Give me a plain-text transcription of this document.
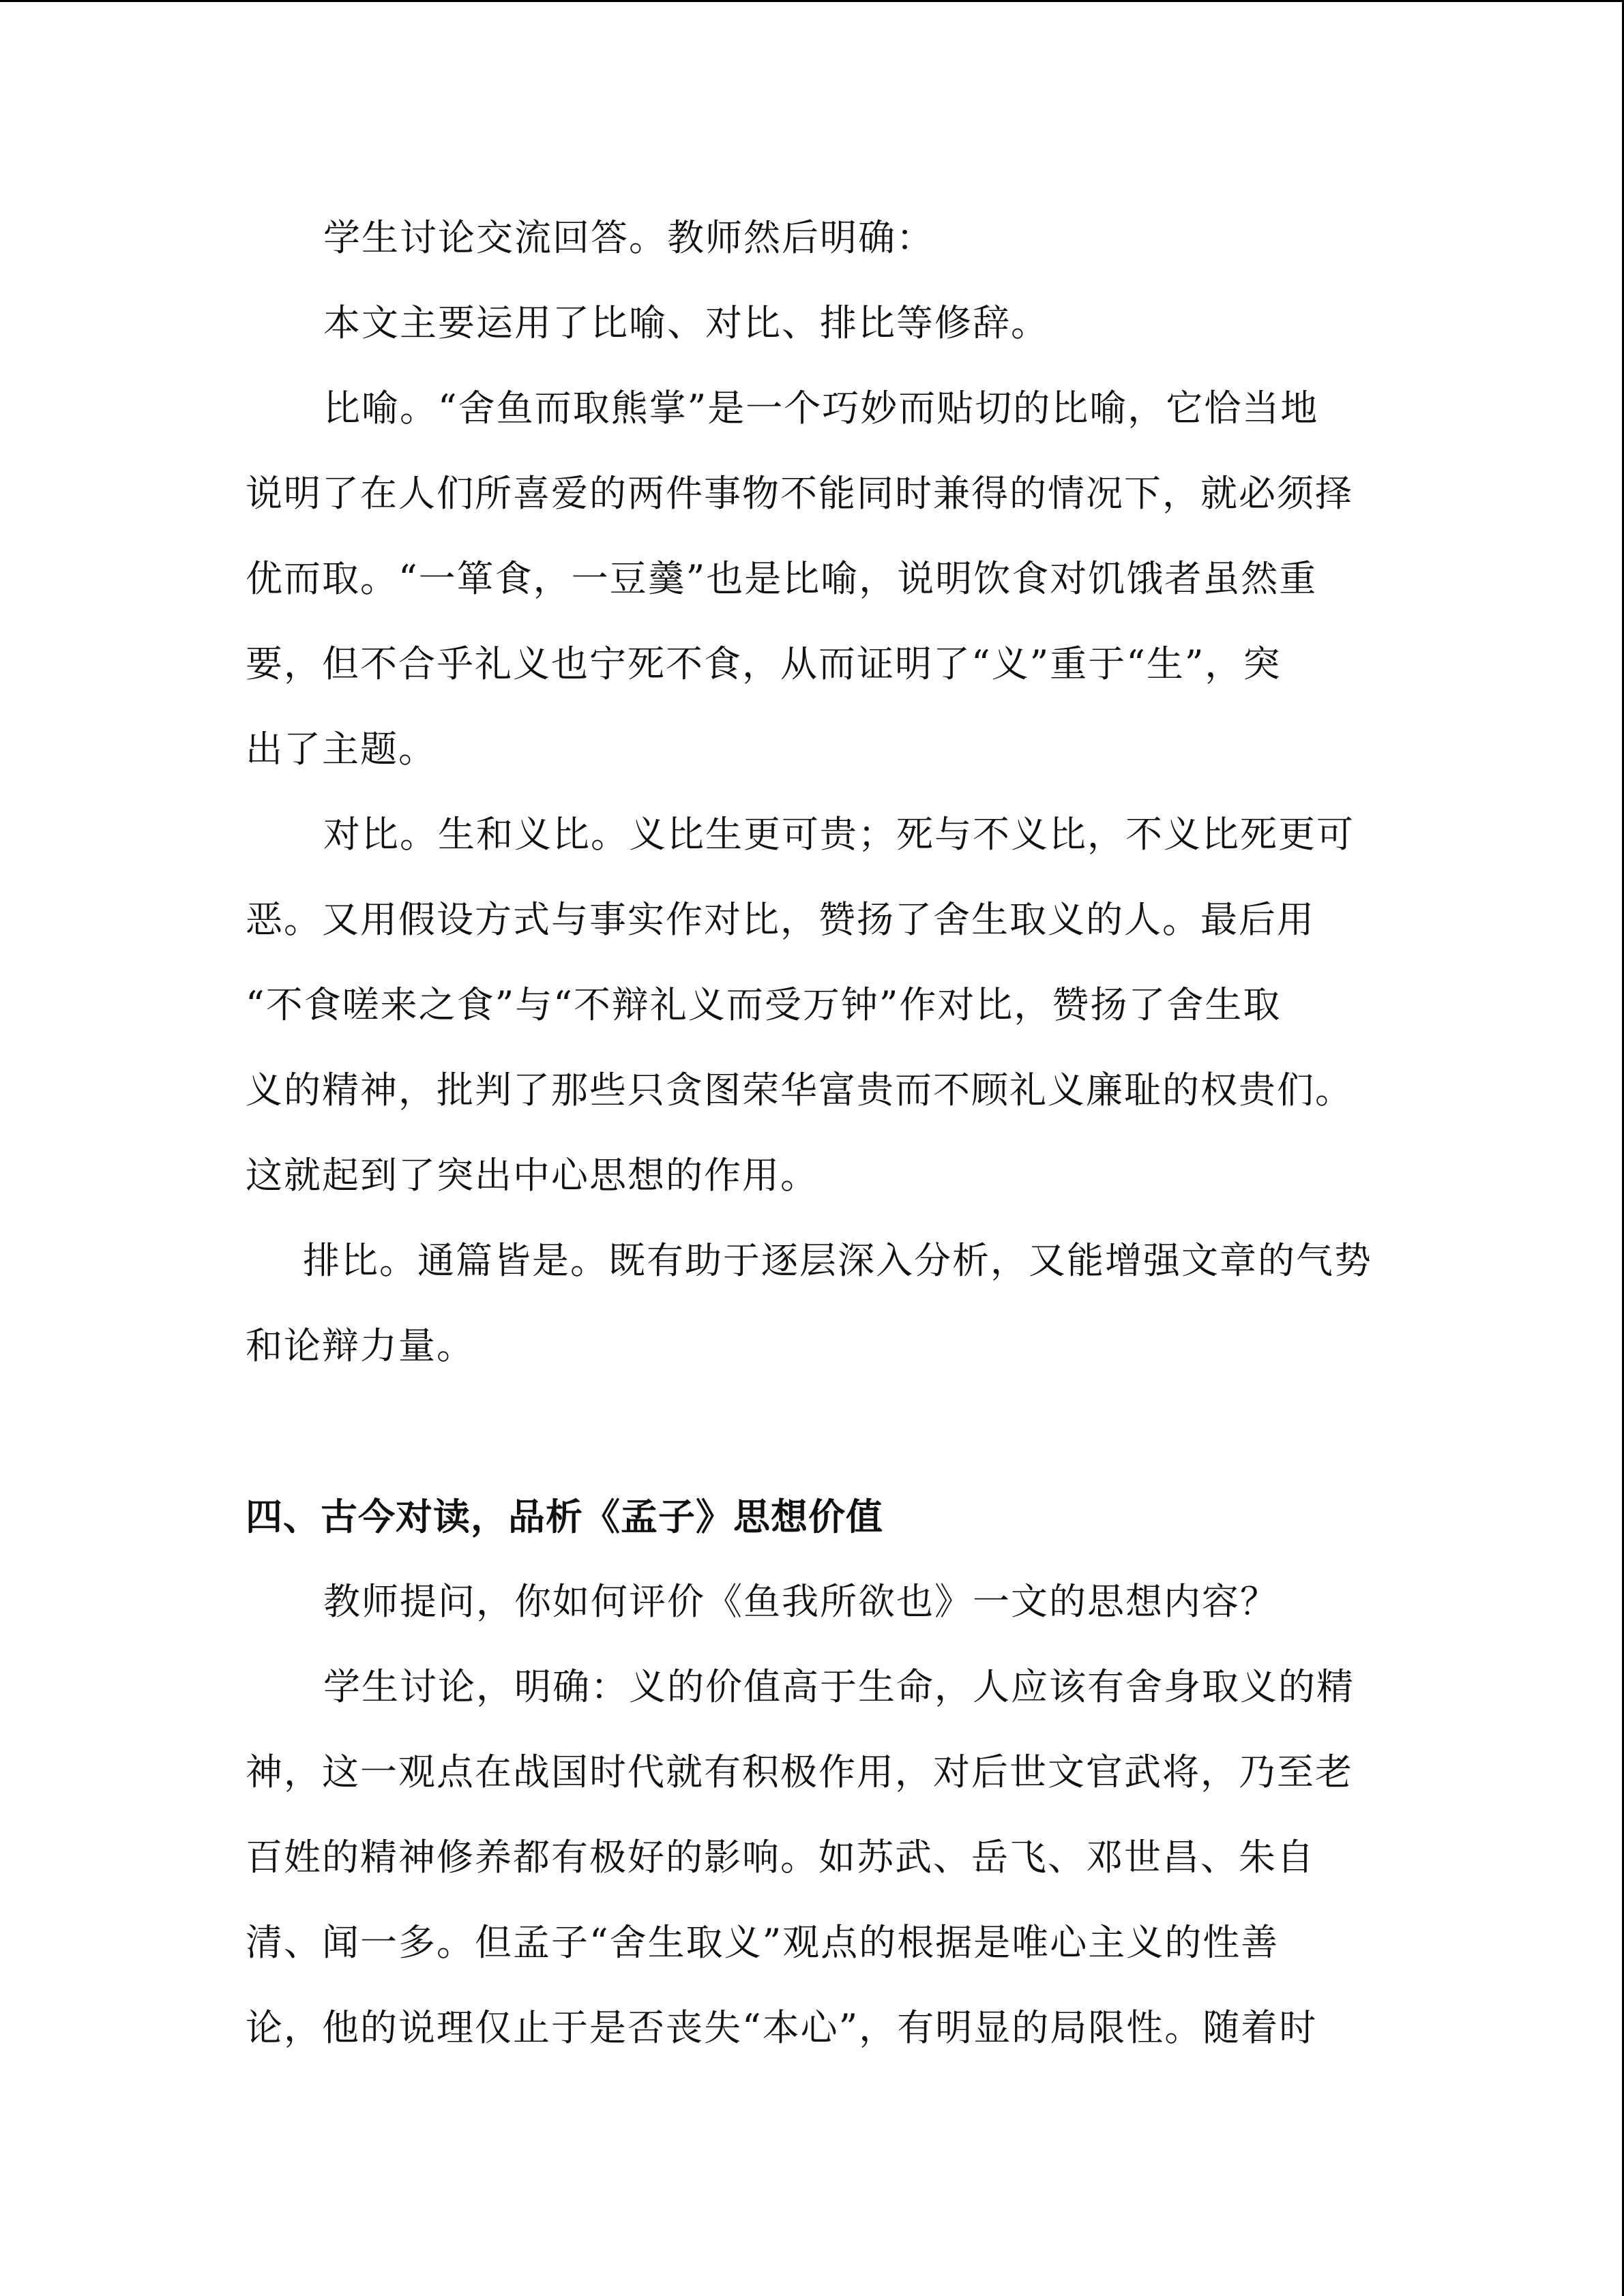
学生讨论交流回答。教师然后明确：
本文主要运用了比喻、对比、排比等修辞。
比喻。“舍鱼而取熊掌”是一个巧妙而贴切的比喻，它恰当地
说明了在人们所喜爱的两件事物不能同时兼得的情况下，就必须择
优而取。“一箪食，一豆羹”也是比喻，说明饮食对饥饿者虽然重
要，但不合乎礼义也宁死不食，从而证明了“义”重于“生”，突
出了主题。
对比。生和义比。义比生更可贵；死与不义比，不义比死更可
恶。又用假设方式与事实作对比，赞扬了舍生取义的人。最后用
“不食嗟来之食”与“不辩礼义而受万钟”作对比，赞扬了舍生取
义的精神，批判了那些只贪图荣华富贵而不顾礼义廉耻的权贵们。
这就起到了突出中心思想的作用。
排比。通篇皆是。既有助于逐层深入分析，又能增强文章的气势
和论辩力量。
四、古今对读，品析《孟子》思想价值
教师提问，你如何评价《鱼我所欲也》一文的思想内容？
学生讨论，明确：义的价值高于生命，人应该有舍身取义的精
神，这一观点在战国时代就有积极作用，对后世文官武将，乃至老
百姓的精神修养都有极好的影响。如苏武、岳飞、邓世昌、朱自
清、闻一多。但孟子“舍生取义”观点的根据是唯心主义的性善
论，他的说理仅止于是否丧失“本心”，有明显的局限性。随着时
